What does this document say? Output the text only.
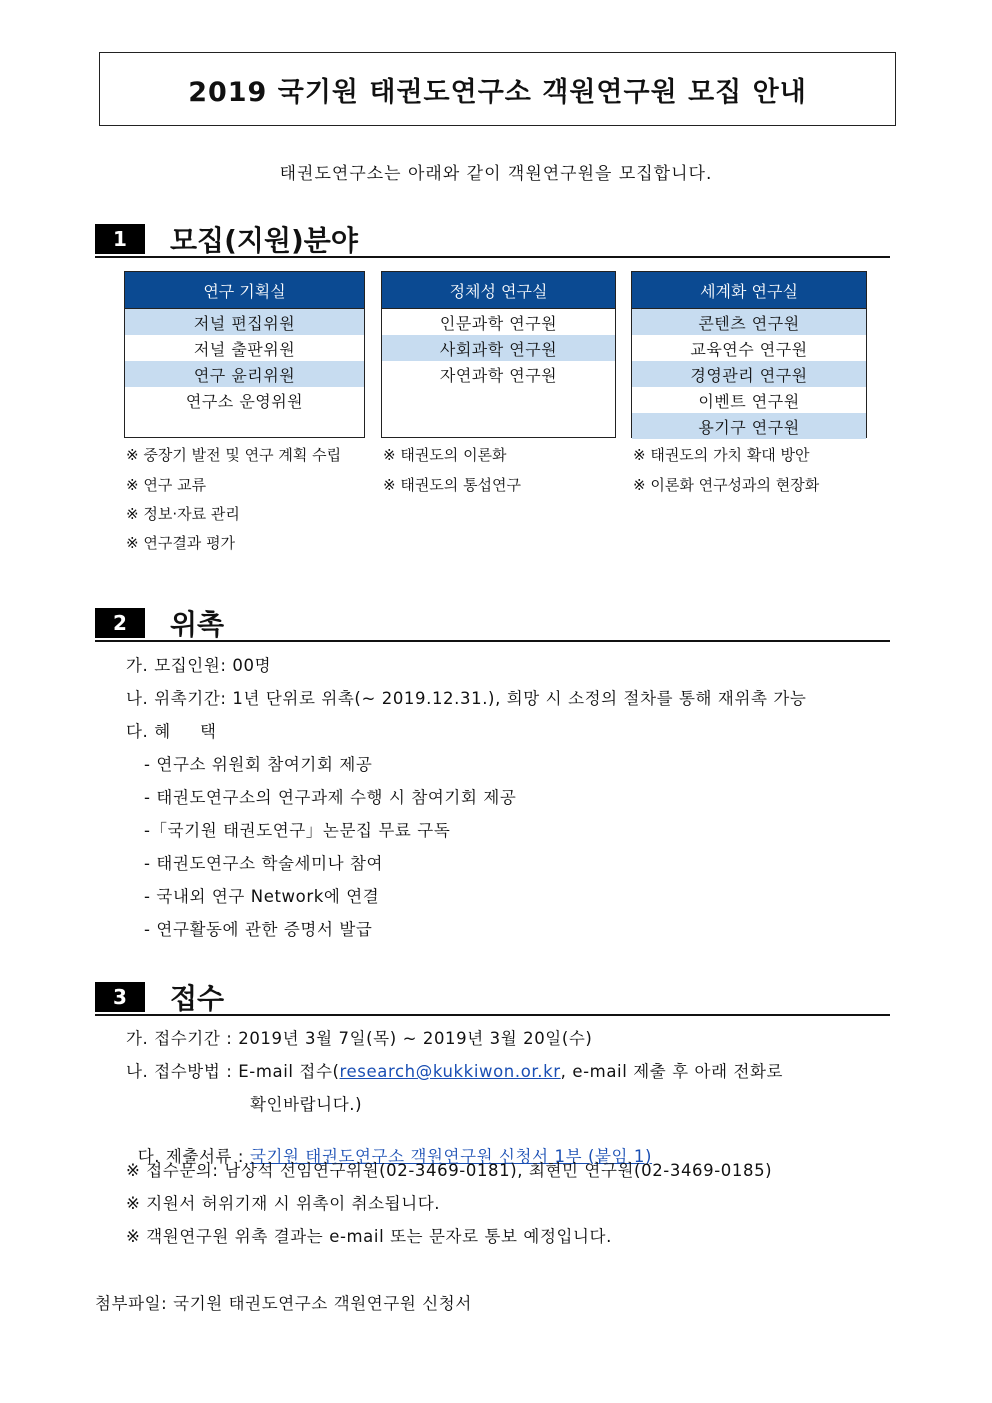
2019 국기원 태권도연구소 객원연구원 모집 안내
태권도연구소는 아래와 같이 객원연구원을 모집합니다.
1	모집(지원)분야
연구 기획실
저널 편집위원
저널 출판위원
연구 윤리위원
연구소 운영위원
정체성 연구실
인문과학 연구원
사회과학 연구원
자연과학 연구원
세계화 연구실
콘텐츠 연구원
교육연수 연구원
경영관리 연구원
이벤트 연구원
용기구 연구원
※ 중장기 발전 및 연구 계획 수립
※ 연구 교류
※ 정보·자료 관리
※ 연구결과 평가
※ 태권도의 이론화
※ 태권도의 통섭연구
※ 태권도의 가치 확대 방안
※ 이론화 연구성과의 현장화
2	위촉
가. 모집인원: 00명
나. 위촉기간: 1년 단위로 위촉(~ 2019.12.31.), 희망 시 소정의 절차를 통해 재위촉 가능
다. 혜     택
- 연구소 위원회 참여기회 제공
- 태권도연구소의 연구과제 수행 시 참여기회 제공
-「국기원 태권도연구」논문집 무료 구독
- 태권도연구소 학술세미나 참여
- 국내외 연구 Network에 연결
- 연구활동에 관한 증명서 발급
3	접수
가. 접수기간 : 2019년 3월 7일(목) ~ 2019년 3월 20일(수)
나. 접수방법 : E-mail 접수(research@kukkiwon.or.kr, e-mail 제출 후 아래 전화로
확인바랍니다.)

다. 제출서류 : 국기원 태권도연구소 객원연구원 신청서 1부 (붙임 1)

※ 접수문의: 남상석 선임연구위원(02-3469-0181), 최현민 연구원(02-3469-0185)
※ 지원서 허위기재 시 위촉이 취소됩니다.
※ 객원연구원 위촉 결과는 e-mail 또는 문자로 통보 예정입니다.
첨부파일: 국기원 태권도연구소 객원연구원 신청서
